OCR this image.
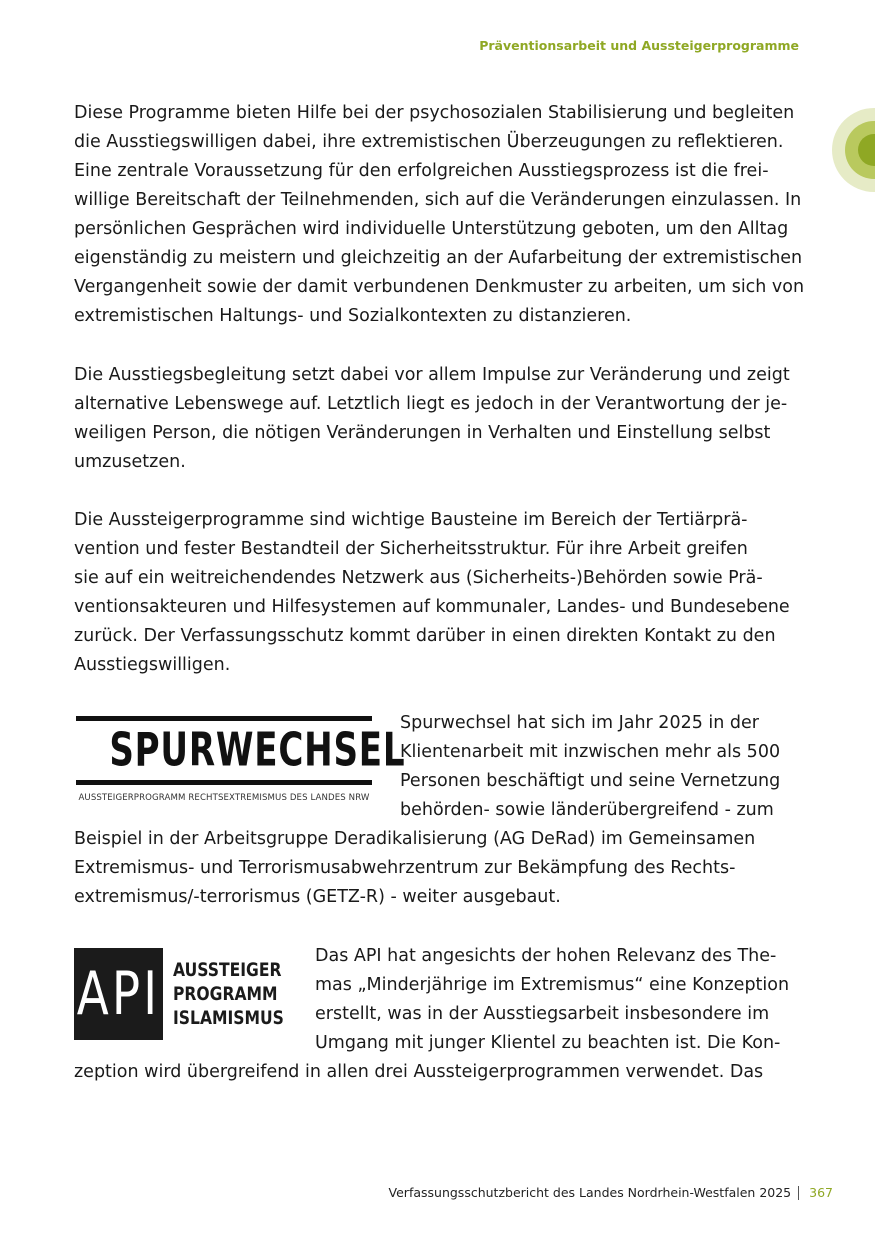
Präventionsarbeit und Aussteigerprogramme
Diese Programme bieten Hilfe bei der psychosozialen Stabilisierung und begleiten
die Ausstiegswilligen dabei, ihre extremistischen Überzeugungen zu reflektieren.
Eine zentrale Voraussetzung für den erfolgreichen Ausstiegsprozess ist die frei-
willige Bereitschaft der Teilnehmenden, sich auf die Veränderungen einzulassen. In
persönlichen Gesprächen wird individuelle Unterstützung geboten, um den Alltag
eigenständig zu meistern und gleichzeitig an der Aufarbeitung der extremistischen
Vergangenheit sowie der damit verbundenen Denkmuster zu arbeiten, um sich von
extremistischen Haltungs- und Sozialkontexten zu distanzieren.
Die Ausstiegsbegleitung setzt dabei vor allem Impulse zur Veränderung und zeigt
alternative Lebenswege auf. Letztlich liegt es jedoch in der Verantwortung der je-
weiligen Person, die nötigen Veränderungen in Verhalten und Einstellung selbst
umzusetzen.
Die Aussteigerprogramme sind wichtige Bausteine im Bereich der Tertiärprä-
vention und fester Bestandteil der Sicherheitsstruktur. Für ihre Arbeit greifen
sie auf ein weitreichendendes Netzwerk aus (Sicherheits-)Behörden sowie Prä-
ventionsakteuren und Hilfesystemen auf kommunaler, Landes- und Bundesebene
zurück. Der Verfassungsschutz kommt darüber in einen direkten Kontakt zu den
Ausstiegswilligen.
SPURWECHSEL
AUSSTEIGERPROGRAMM RECHTSEXTREMISMUS DES LANDES NRW
Spurwechsel hat sich im Jahr 2025 in der
Klientenarbeit mit inzwischen mehr als 500
Personen beschäftigt und seine Vernetzung
behörden- sowie länderübergreifend - zum
Beispiel in der Arbeitsgruppe Deradikalisierung (AG DeRad) im Gemeinsamen
Extremismus- und Terrorismusabwehrzentrum zur Bekämpfung des Rechts-
extremismus/-terrorismus (GETZ-R) - weiter ausgebaut.
API AUSSTEIGER
PROGRAMM
ISLAMISMUS
Das API hat angesichts der hohen Relevanz des The-
mas „Minderjährige im Extremismus“ eine Konzeption
erstellt, was in der Ausstiegsarbeit insbesondere im
Umgang mit junger Klientel zu beachten ist. Die Kon-
zeption wird übergreifend in allen drei Aussteigerprogrammen verwendet. Das
Verfassungsschutzbericht des Landes Nordrhein-Westfalen 2025 367
